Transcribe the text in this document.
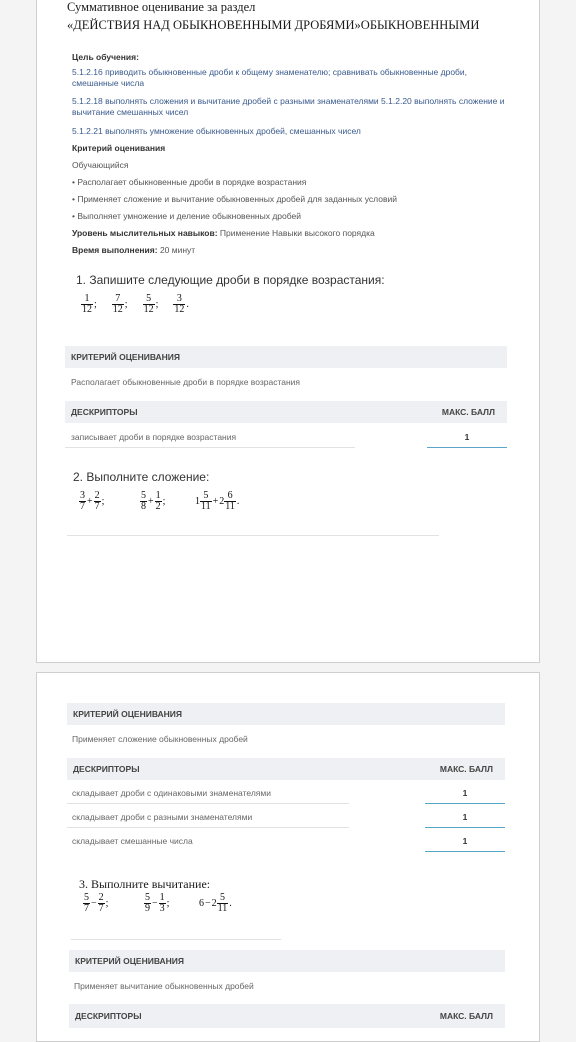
Суммативное оценивание за раздел
«ДЕЙСТВИЯ НАД ОБЫКНОВЕННЫМИ ДРОБЯМИ»ОБЫКНОВЕННЫМИ
Цель обучения:
5.1.2.16 приводить обыкновенные дроби к общему знаменателю; сравнивать обыкновенные дроби, смешанные числа
5.1.2.18 выполнять сложения и вычитание дробей с разными знаменателями 5.1.2.20 выполнять сложение и вычитание смешанных чисел
5.1.2.21 выполнять умножение обыкновенных дробей, смешанных чисел
Критерий оценивания
Обучающийся
• Располагает обыкновенные дроби в порядке возрастания
• Применяет сложение и вычитание обыкновенных дробей для заданных условий
• Выполняет умножение и деление обыкновенных дробей
Уровень мыслительных навыков: Применение Навыки высокого порядка
Время выполнения: 20 минут
1. Запишите следующие дроби в порядке возрастания:
$\frac{1}{12}$ ; $\frac{7}{12}$ ; $\frac{5}{12}$ ; $\frac{3}{12}$ .
КРИТЕРИЙ ОЦЕНИВАНИЯ
Располагает обыкновенные дроби в порядке возрастания
ДЕСКРИПТОРЫ	МАКС. БАЛЛ
записывает дроби в порядке возрастания	1
2. Выполните сложение:
$\frac{3}{7} + \frac{2}{7}$ ;	$\frac{5}{8} + \frac{1}{2}$ ;	$1 \frac{5}{11} + 2 \frac{6}{11}$ .
КРИТЕРИЙ ОЦЕНИВАНИЯ
Применяет сложение обыкновенных дробей
ДЕСКРИПТОРЫ	МАКС. БАЛЛ
складывает дроби с одинаковыми знаменателями	1
складывает дроби с разными знаменателями	1
складывает смешанные числа	1
3. Выполните вычитание:
$\frac{5}{7} - \frac{2}{7}$ ;	$\frac{5}{9} - \frac{1}{3}$ ;	$6 - 2 \frac{5}{11}$ .
КРИТЕРИЙ ОЦЕНИВАНИЯ
Применяет вычитание обыкновенных дробей
ДЕСКРИПТОРЫ	МАКС. БАЛЛ
